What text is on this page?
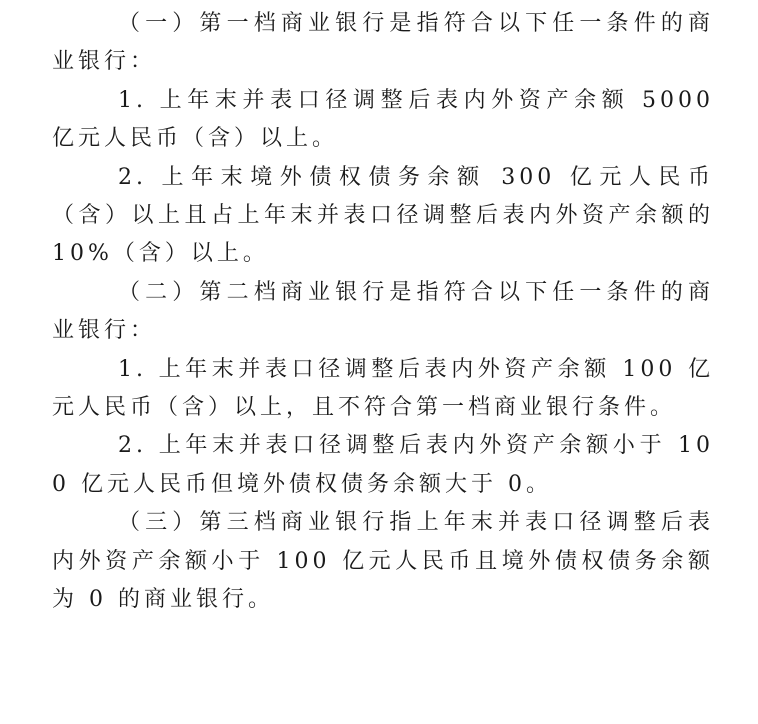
（一）第一档商业银行是指符合以下任一条件的商业银行：

1. 上年末并表口径调整后表内外资产余额 5000 亿元人民币（含）以上。

2. 上年末境外债权债务余额 300 亿元人民币（含）以上且占上年末并表口径调整后表内外资产余额的 10%（含）以上。

（二）第二档商业银行是指符合以下任一条件的商业银行：

1. 上年末并表口径调整后表内外资产余额 100 亿元人民币（含）以上，且不符合第一档商业银行条件。

2. 上年末并表口径调整后表内外资产余额小于 100 亿元人民币但境外债权债务余额大于 0。

（三）第三档商业银行指上年末并表口径调整后表内外资产余额小于 100 亿元人民币且境外债权债务余额为 0 的商业银行。
